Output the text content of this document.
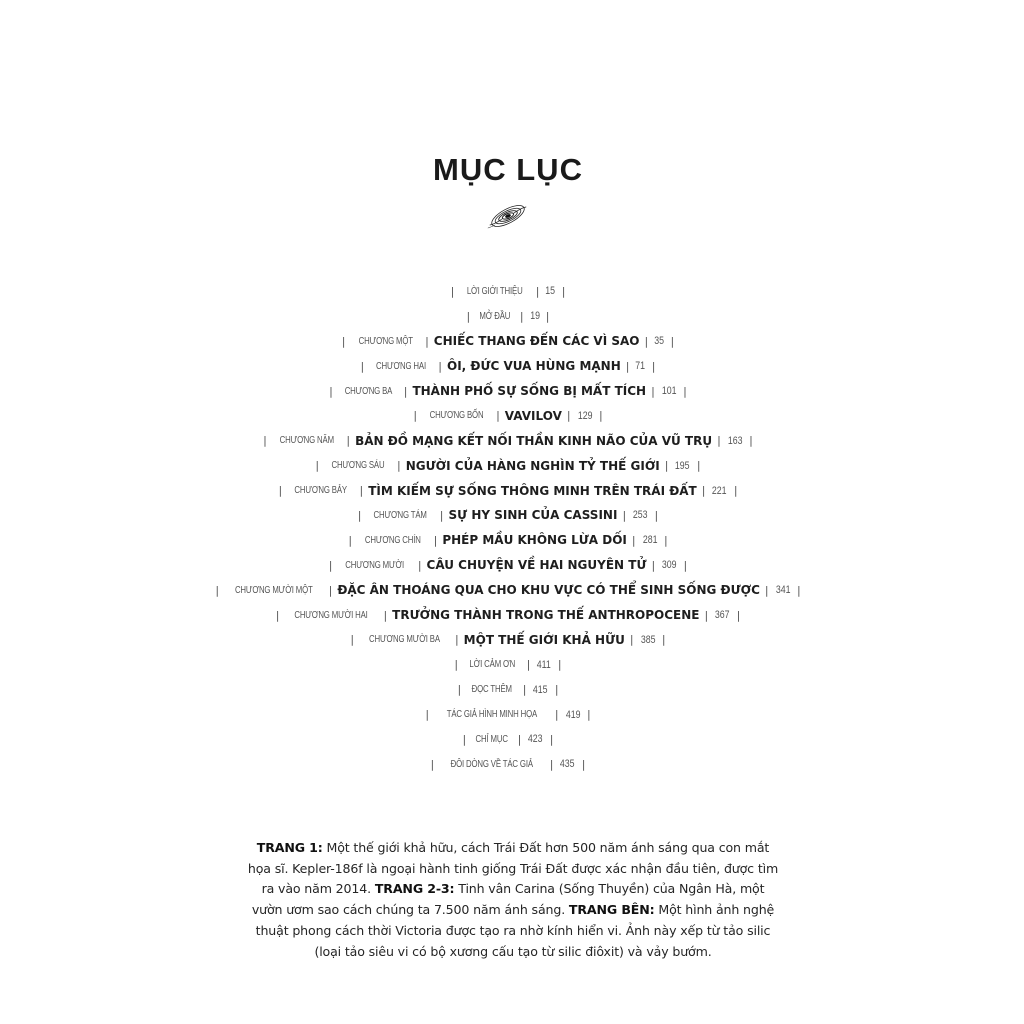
MỤC LỤC
| LỜI GIỚI THIỆU | 15 |
| MỞ ĐẦU | 19 |
| CHƯƠNG MỘT | CHIẾC THANG ĐẾN CÁC VÌ SAO | 35 |
| CHƯƠNG HAI | ÔI, ĐỨC VUA HÙNG MẠNH | 71 |
| CHƯƠNG BA | THÀNH PHỐ SỰ SỐNG BỊ MẤT TÍCH | 101 |
| CHƯƠNG BỐN | VAVILOV | 129 |
| CHƯƠNG NĂM | BẢN ĐỒ MẠNG KẾT NỐI THẦN KINH NÃO CỦA VŨ TRỤ | 163 |
| CHƯƠNG SÁU | NGƯỜI CỦA HÀNG NGHÌN TỶ THẾ GIỚI | 195 |
| CHƯƠNG BẢY | TÌM KIẾM SỰ SỐNG THÔNG MINH TRÊN TRÁI ĐẤT | 221 |
| CHƯƠNG TÁM | SỰ HY SINH CỦA CASSINI | 253 |
| CHƯƠNG CHÍN | PHÉP MẦU KHÔNG LỪA DỐI | 281 |
| CHƯƠNG MƯỜI | CÂU CHUYỆN VỀ HAI NGUYÊN TỬ | 309 |
| CHƯƠNG MƯỜI MỘT | ĐẶC ÂN THOÁNG QUA CHO KHU VỰC CÓ THỂ SINH SỐNG ĐƯỢC | 341 |
| CHƯƠNG MƯỜI HAI | TRƯỞNG THÀNH TRONG THẾ ANTHROPOCENE | 367 |
| CHƯƠNG MƯỜI BA | MỘT THẾ GIỚI KHẢ HỮU | 385 |
| LỜI CẢM ƠN | 411 |
| ĐỌC THÊM | 415 |
| TÁC GIẢ HÌNH MINH HỌA | 419 |
| CHỈ MỤC | 423 |
| ĐÔI DÒNG VỀ TÁC GIẢ | 435 |
TRANG 1: Một thế giới khả hữu, cách Trái Đất hơn 500 năm ánh sáng qua con mắt họa sĩ. Kepler-186f là ngoại hành tinh giống Trái Đất được xác nhận đầu tiên, được tìm ra vào năm 2014. TRANG 2-3: Tinh vân Carina (Sống Thuyền) của Ngân Hà, một vườn ươm sao cách chúng ta 7.500 năm ánh sáng. TRANG BÊN: Một hình ảnh nghệ thuật phong cách thời Victoria được tạo ra nhờ kính hiển vi. Ảnh này xếp từ tảo silic (loại tảo siêu vi có bộ xương cấu tạo từ silic điôxit) và vảy bướm.
